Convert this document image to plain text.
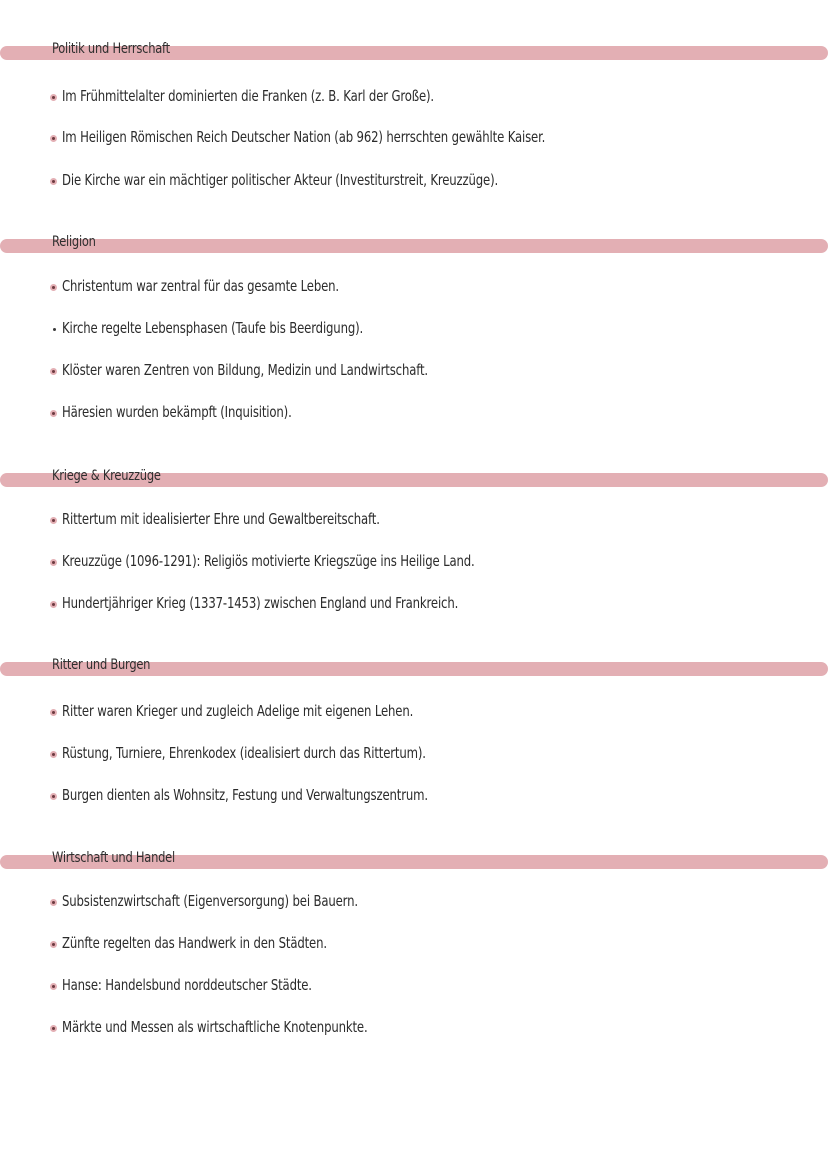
Politik und Herrschaft
Im Frühmittelalter dominierten die Franken (z. B. Karl der Große).
Im Heiligen Römischen Reich Deutscher Nation (ab 962) herrschten gewählte Kaiser.
Die Kirche war ein mächtiger politischer Akteur (Investiturstreit, Kreuzzüge).
Religion
Christentum war zentral für das gesamte Leben.
Kirche regelte Lebensphasen (Taufe bis Beerdigung).
Klöster waren Zentren von Bildung, Medizin und Landwirtschaft.
Häresien wurden bekämpft (Inquisition).
Kriege & Kreuzzüge
Rittertum mit idealisierter Ehre und Gewaltbereitschaft.
Kreuzzüge (1096-1291): Religiös motivierte Kriegszüge ins Heilige Land.
Hundertjähriger Krieg (1337-1453) zwischen England und Frankreich.
Ritter und Burgen
Ritter waren Krieger und zugleich Adelige mit eigenen Lehen.
Rüstung, Turniere, Ehrenkodex (idealisiert durch das Rittertum).
Burgen dienten als Wohnsitz, Festung und Verwaltungszentrum.
Wirtschaft und Handel
Subsistenzwirtschaft (Eigenversorgung) bei Bauern.
Zünfte regelten das Handwerk in den Städten.
Hanse: Handelsbund norddeutscher Städte.
Märkte und Messen als wirtschaftliche Knotenpunkte.
